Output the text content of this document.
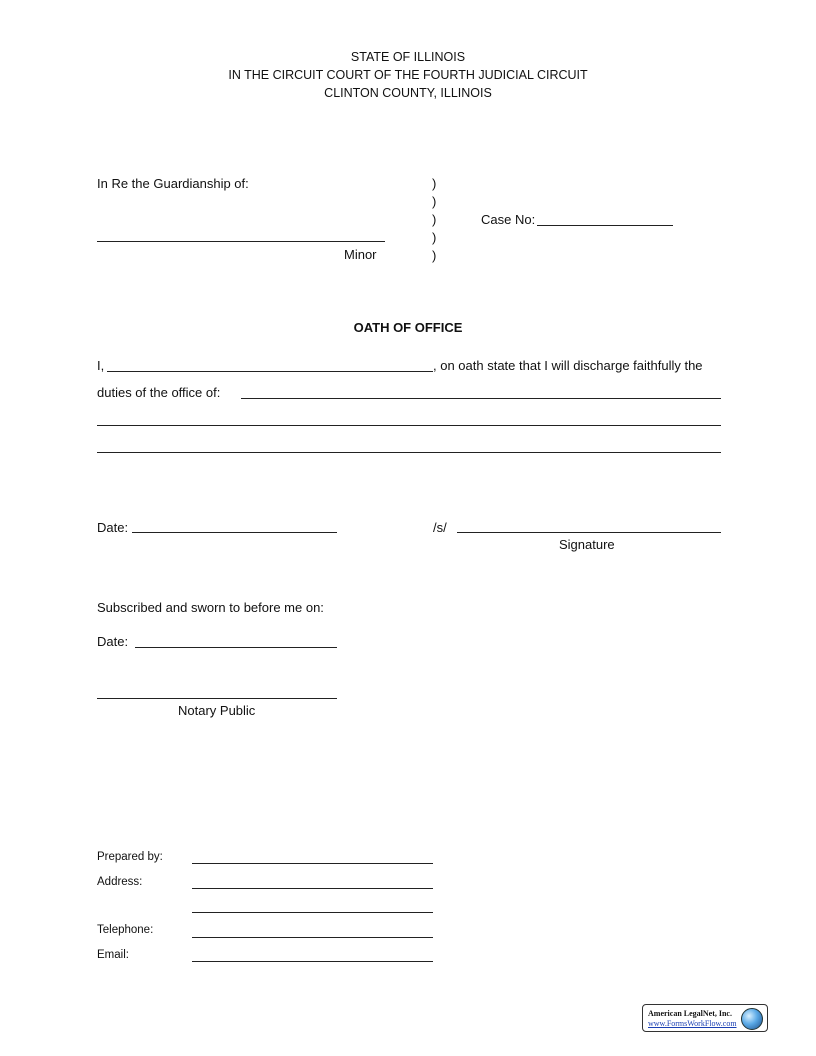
STATE OF ILLINOIS
IN THE CIRCUIT COURT OF THE FOURTH JUDICIAL CIRCUIT
CLINTON COUNTY, ILLINOIS
In Re the Guardianship of:
Minor
)
)
)
)
)
Case No:
OATH OF OFFICE
I,	, on oath state that I will discharge faithfully the
duties of the office of:
Date:	/s/
Signature
Subscribed and sworn to before me on:
Date:
Notary Public
Prepared by:
Address:
Telephone:
Email:
American LegalNet, Inc.
www.FormsWorkFlow.com
